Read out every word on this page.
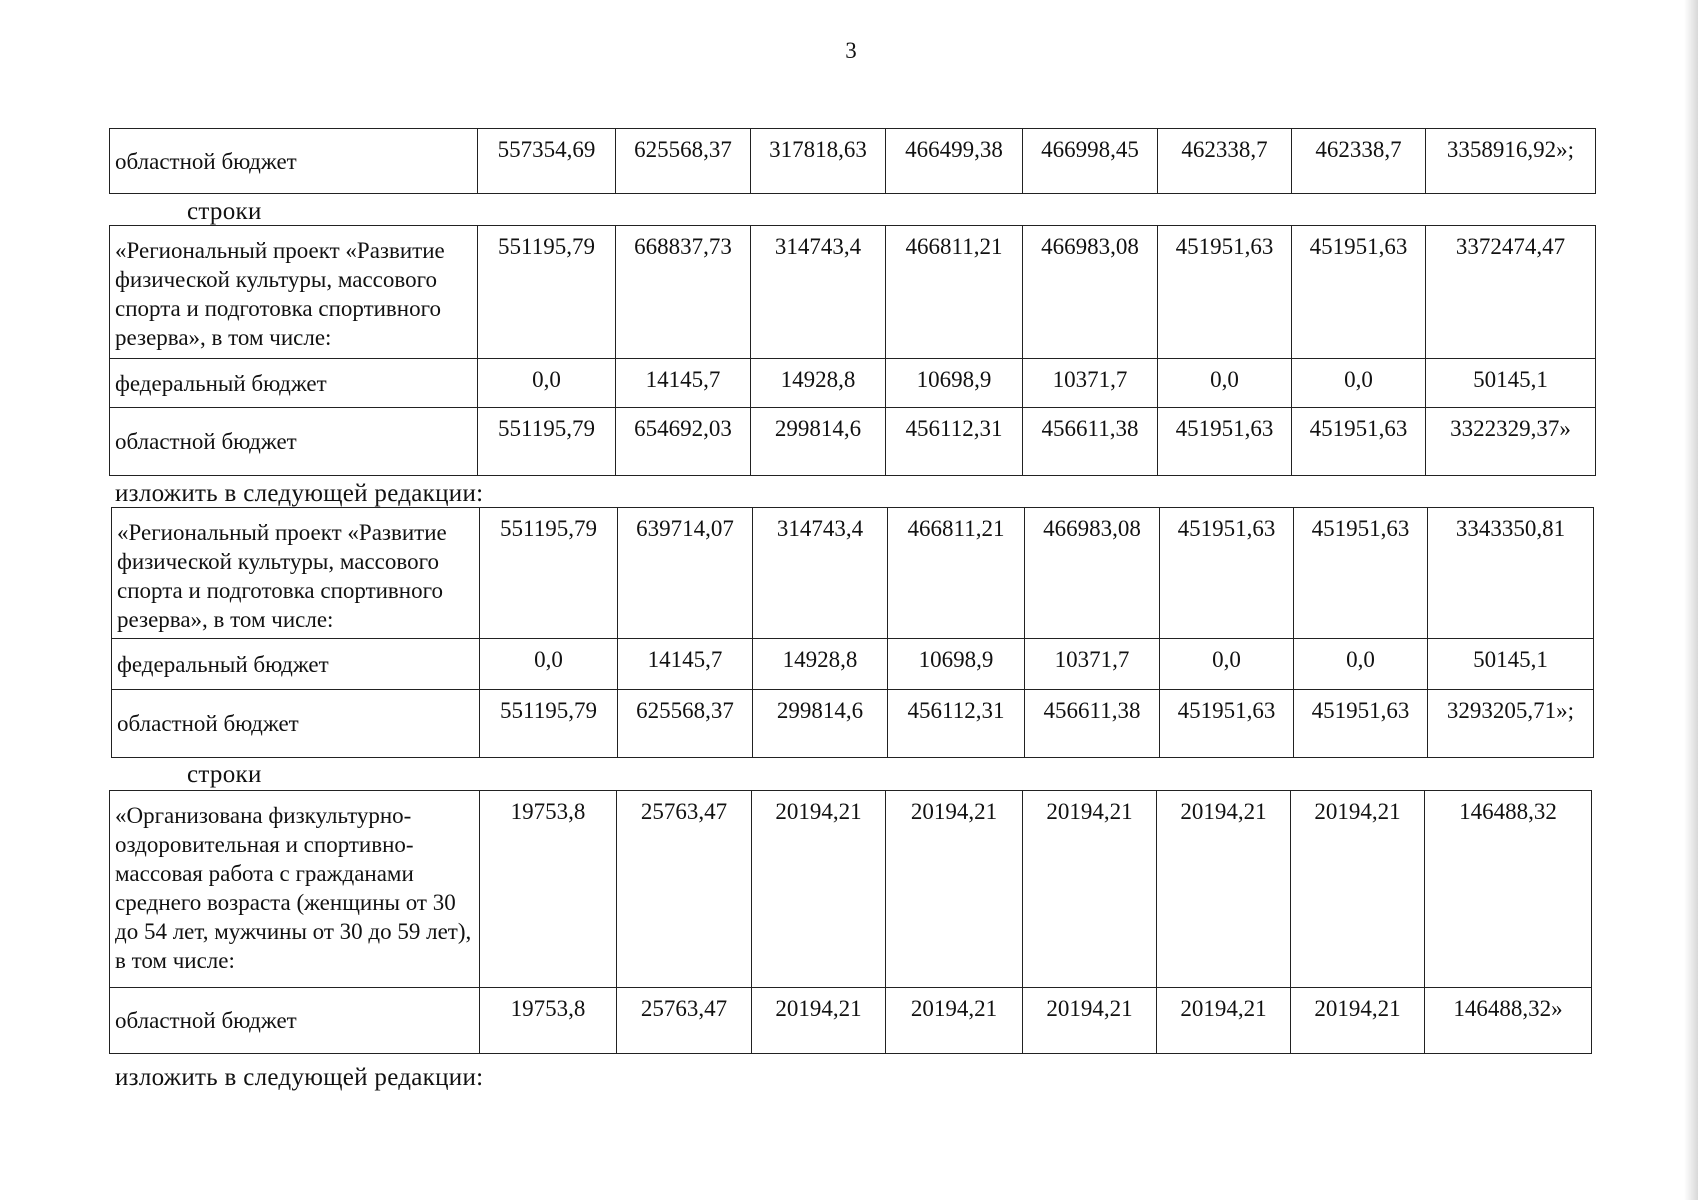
3
областной бюджет	557354,69	625568,37	317818,63	466499,38	466998,45	462338,7	462338,7	3358916,92»;
строки
«Региональный проект «Развитие физической культуры, массового спорта и подготовка спортивного резерва», в том числе:	551195,79	668837,73	314743,4	466811,21	466983,08	451951,63	451951,63	3372474,47
федеральный бюджет	0,0	14145,7	14928,8	10698,9	10371,7	0,0	0,0	50145,1
областной бюджет	551195,79	654692,03	299814,6	456112,31	456611,38	451951,63	451951,63	3322329,37»
изложить в следующей редакции:
«Региональный проект «Развитие физической культуры, массового спорта и подготовка спортивного резерва», в том числе:	551195,79	639714,07	314743,4	466811,21	466983,08	451951,63	451951,63	3343350,81
федеральный бюджет	0,0	14145,7	14928,8	10698,9	10371,7	0,0	0,0	50145,1
областной бюджет	551195,79	625568,37	299814,6	456112,31	456611,38	451951,63	451951,63	3293205,71»;
строки
«Организована физкультурно-оздоровительная и спортивно-массовая работа с гражданами среднего возраста (женщины от 30 до 54 лет, мужчины от 30 до 59 лет), в том числе:	19753,8	25763,47	20194,21	20194,21	20194,21	20194,21	20194,21	146488,32
областной бюджет	19753,8	25763,47	20194,21	20194,21	20194,21	20194,21	20194,21	146488,32»
изложить в следующей редакции:
